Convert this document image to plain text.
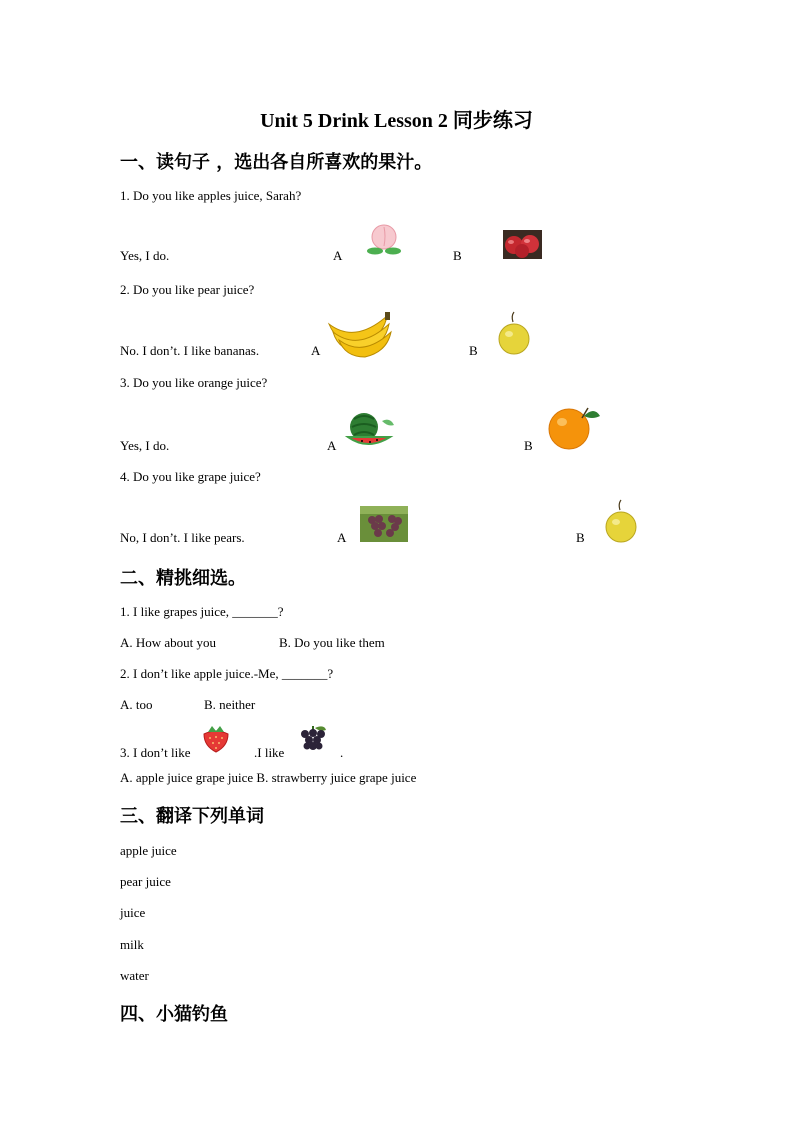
Unit 5 Drink Lesson 2 同步练习
一、读句子 ，选出各自所喜欢的果汁。
1. Do you like apples juice, Sarah?
Yes, I do.	A	B
2. Do you like pear juice?
No. I don’t. I like bananas.	A	B
3. Do you like orange juice?
Yes, I do.	A	B
4. Do you like grape juice?
No, I don’t. I like pears.	A	B
二、精挑细选。
1. I like grapes juice, _______?
A. How about you	B. Do you like them
2. I don’t like apple juice.-Me, _______?
A. too	B. neither
3. I don’t like	.I like	.
A. apple juice grape juice B. strawberry juice grape juice
三、翻译下列单词
apple juice
pear juice
juice
milk
water
四、小猫钓鱼
